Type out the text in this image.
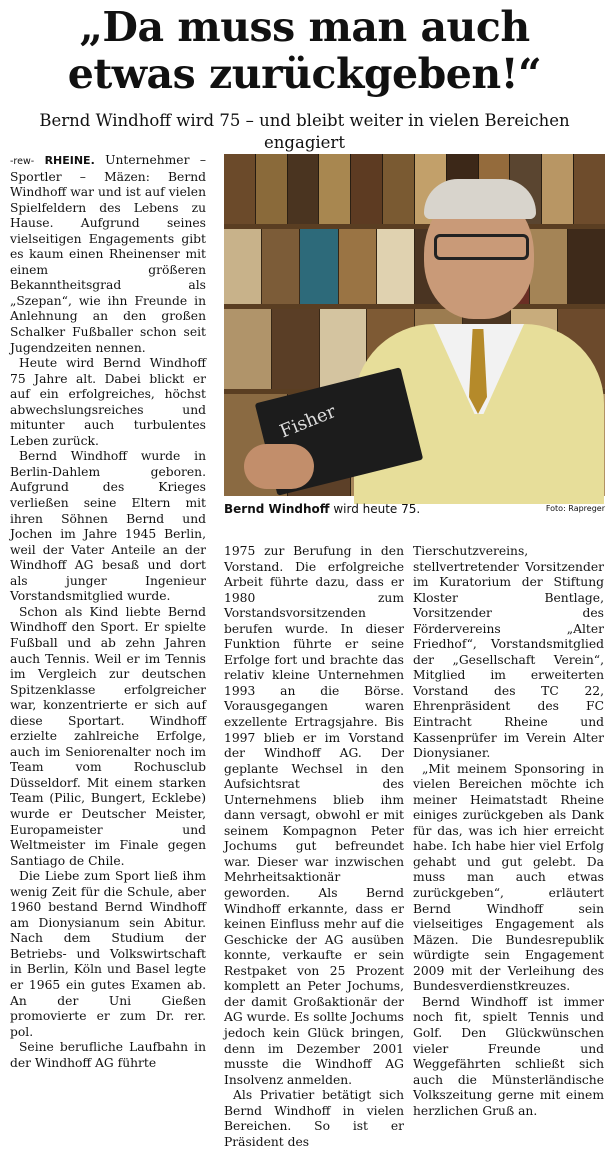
„Da muss man auch
etwas zurückgeben!“
Bernd Windhoff wird 75 – und bleibt weiter in vielen Bereichen engagiert

-rew- RHEINE. Unternehmer – Sportler – Mäzen: Bernd Windhoff war und ist auf vielen Spielfeldern des Lebens zu Hause. Aufgrund seines vielseitigen Engagements gibt es kaum einen Rheinenser mit einem größeren Bekanntheitsgrad als „Szepan“, wie ihn Freunde in Anlehnung an den großen Schalker Fußballer schon seit Jugendzeiten nennen.

Heute wird Bernd Windhoff 75 Jahre alt. Dabei blickt er auf ein erfolgreiches, höchst abwechslungsreiches und mitunter auch turbulentes Leben zurück.

Bernd Windhoff wurde in Berlin-Dahlem geboren. Aufgrund des Krieges verließen seine Eltern mit ihren Söhnen Bernd und Jochen im Jahre 1945 Berlin, weil der Vater Anteile an der Windhoff AG besaß und dort als junger Ingenieur Vorstandsmitglied wurde.

Schon als Kind liebte Bernd Windhoff den Sport. Er spielte Fußball und ab zehn Jahren auch Tennis. Weil er im Tennis im Vergleich zur deutschen Spitzenklasse erfolgreicher war, konzentrierte er sich auf diese Sportart. Windhoff erzielte zahlreiche Erfolge, auch im Seniorenalter noch im Team vom Rochusclub Düsseldorf. Mit einem starken Team (Pilic, Bungert, Ecklebe) wurde er Deutscher Meister, Europameister und Weltmeister im Finale gegen Santiago de Chile.

Die Liebe zum Sport ließ ihm wenig Zeit für die Schule, aber 1960 bestand Bernd Windhoff am Dionysianum sein Abitur. Nach dem Studium der Betriebs- und Volkswirtschaft in Berlin, Köln und Basel legte er 1965 ein gutes Examen ab. An der Uni Gießen promovierte er zum Dr. rer. pol.

Seine berufliche Laufbahn in der Windhoff AG führte

Fisher
Bernd Windhoff wird heute 75.	Foto: Rapreger

1975 zur Berufung in den Vorstand. Die erfolgreiche Arbeit führte dazu, dass er 1980 zum Vorstandsvorsitzenden berufen wurde. In dieser Funktion führte er seine Erfolge fort und brachte das relativ kleine Unternehmen 1993 an die Börse. Vorausgegangen waren exzellente Ertragsjahre. Bis 1997 blieb er im Vorstand der Windhoff AG. Der geplante Wechsel in den Aufsichtsrat des Unternehmens blieb ihm dann versagt, obwohl er mit seinem Kompagnon Peter Jochums gut befreundet war. Dieser war inzwischen Mehrheitsaktionär geworden. Als Bernd Windhoff erkannte, dass er keinen Einfluss mehr auf die Geschicke der AG ausüben konnte, verkaufte er sein Restpaket von 25 Prozent komplett an Peter Jochums, der damit Großaktionär der AG wurde. Es sollte Jochums jedoch kein Glück bringen, denn im Dezember 2001 musste die Windhoff AG Insolvenz anmelden.

Als Privatier betätigt sich Bernd Windhoff in vielen Bereichen. So ist er Präsident des

Tierschutzvereins, stellvertretender Vorsitzender im Kuratorium der Stiftung Kloster Bentlage, Vorsitzender des Fördervereins „Alter Friedhof“, Vorstandsmitglied der „Gesellschaft Verein“, Mitglied im erweiterten Vorstand des TC 22, Ehrenpräsident des FC Eintracht Rheine und Kassenprüfer im Verein Alter Dionysianer.

„Mit meinem Sponsoring in vielen Bereichen möchte ich meiner Heimatstadt Rheine einiges zurückgeben als Dank für das, was ich hier erreicht habe. Ich habe hier viel Erfolg gehabt und gut gelebt. Da muss man auch etwas zurückgeben“, erläutert Bernd Windhoff sein vielseitiges Engagement als Mäzen. Die Bundesrepublik würdigte sein Engagement 2009 mit der Verleihung des Bundesverdienstkreuzes.

Bernd Windhoff ist immer noch fit, spielt Tennis und Golf. Den Glückwünschen vieler Freunde und Weggefährten schließt sich auch die Münsterländische Volkszeitung gerne mit einem herzlichen Gruß an.
